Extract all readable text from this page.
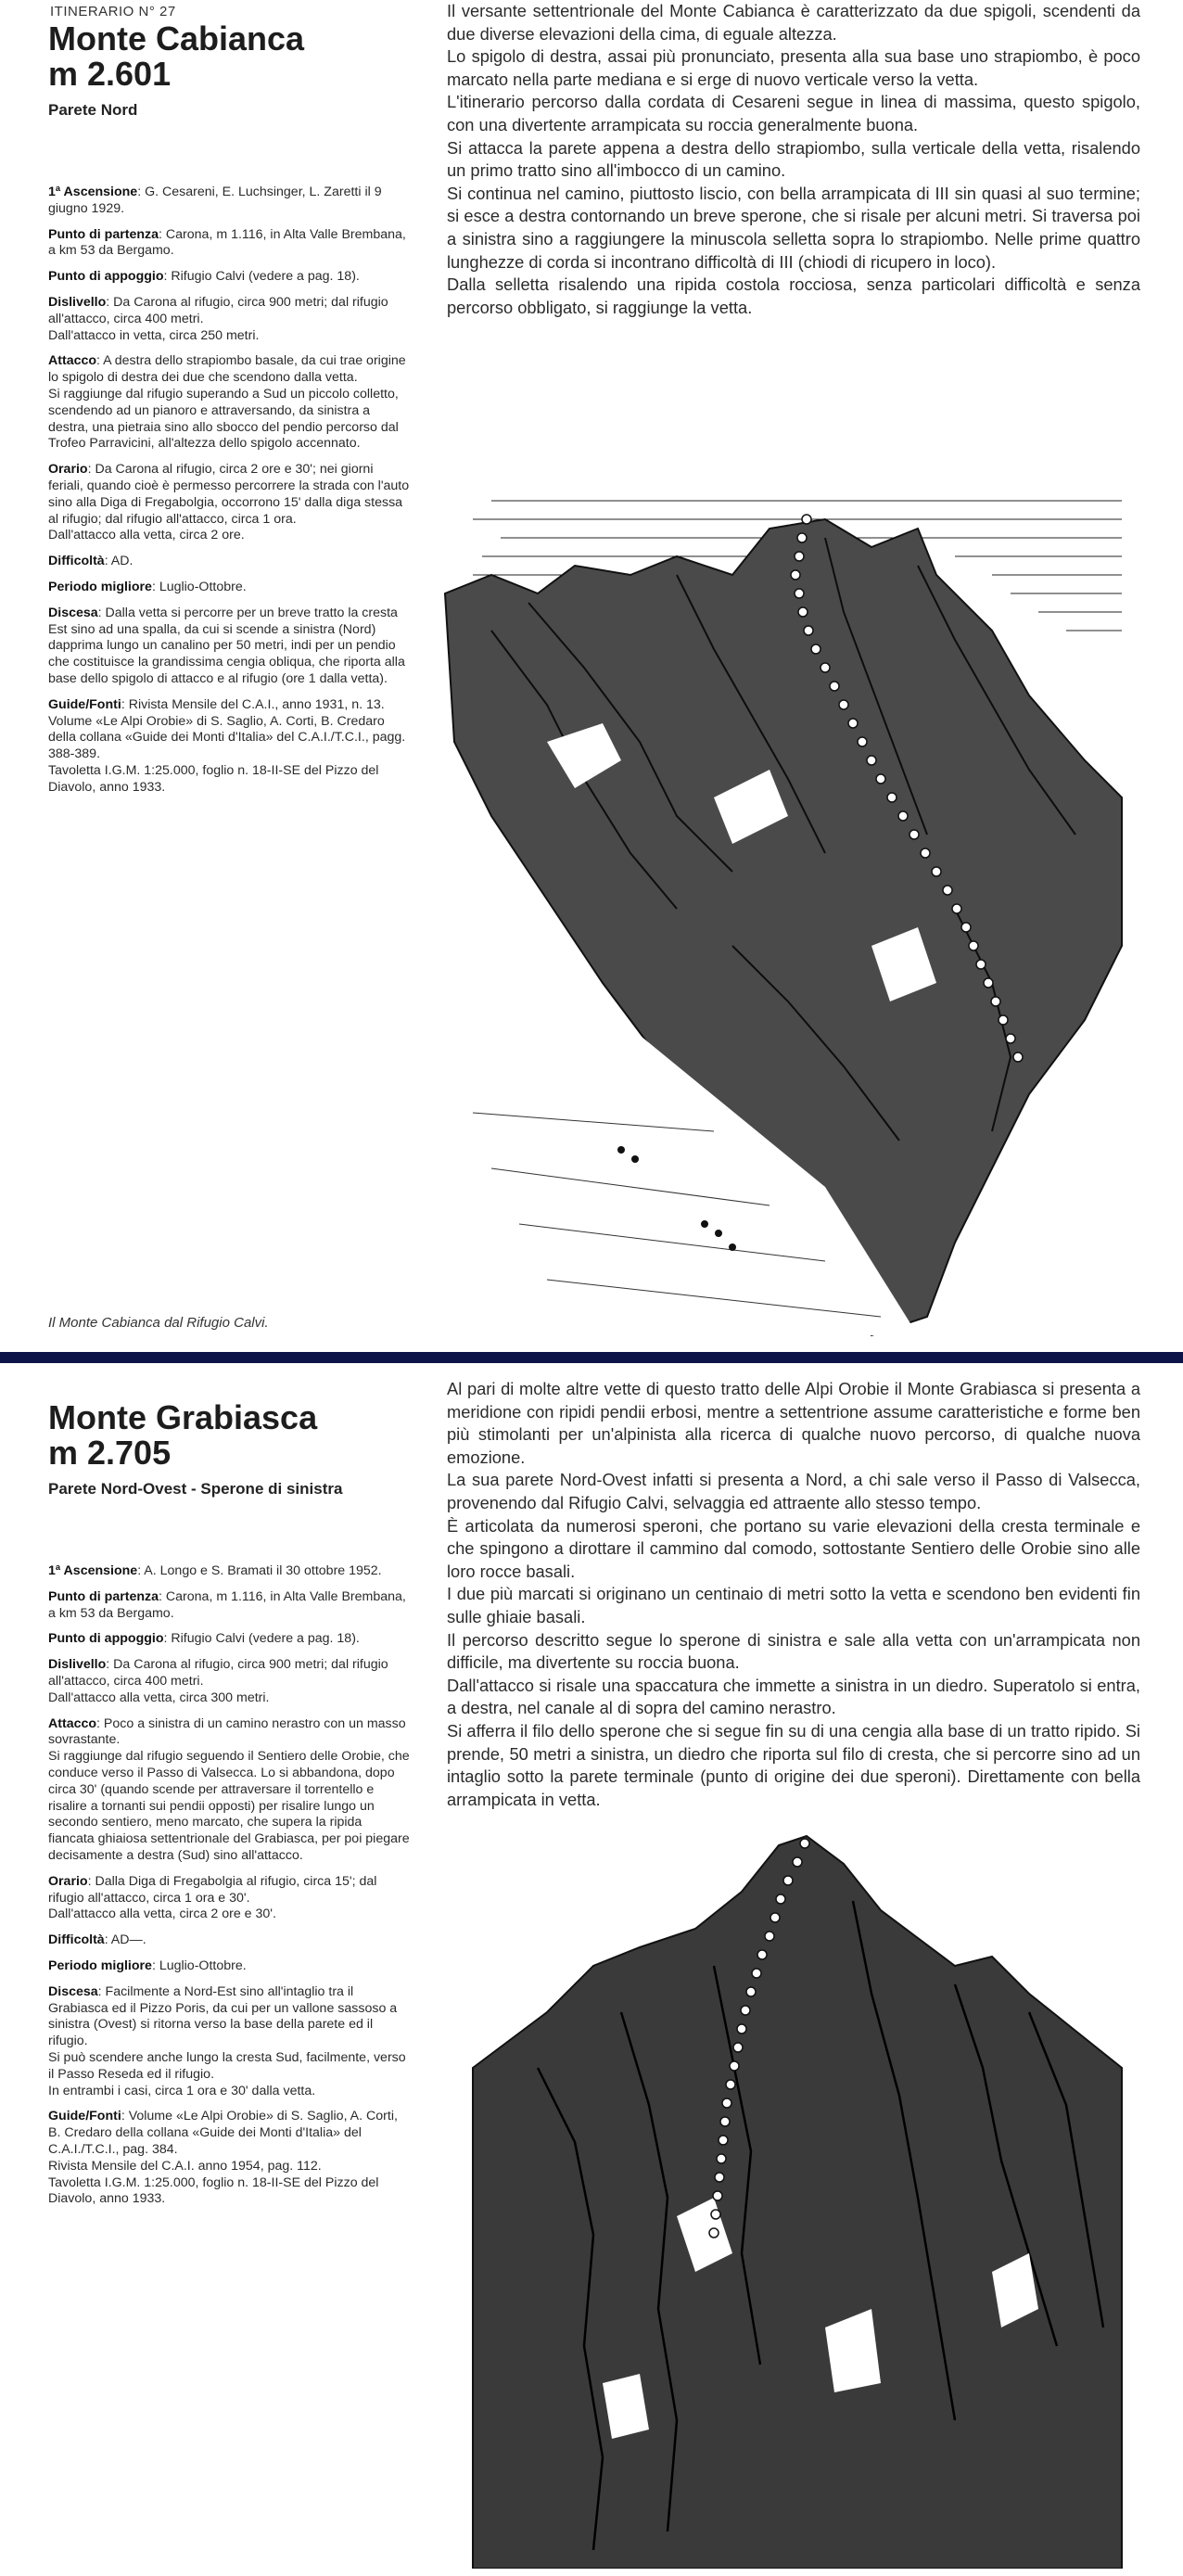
ITINERARIO N° 27
Monte Cabianca
m 2.601
Parete Nord
1ª Ascensione: G. Cesareni, E. Luchsinger, L. Zaretti il 9 giugno 1929.
Punto di partenza: Carona, m 1.116, in Alta Valle Brembana, a km 53 da Bergamo.
Punto di appoggio: Rifugio Calvi (vedere a pag. 18).
Dislivello: Da Carona al rifugio, circa 900 metri; dal rifugio all'attacco, circa 400 metri.
Dall'attacco in vetta, circa 250 metri.
Attacco: A destra dello strapiombo basale, da cui trae origine lo spigolo di destra dei due che scendono dalla vetta.
Si raggiunge dal rifugio superando a Sud un piccolo colletto, scendendo ad un pianoro e attraversando, da sinistra a destra, una pietraia sino allo sbocco del pendio percorso dal Trofeo Parravicini, all'altezza dello spigolo accennato.
Orario: Da Carona al rifugio, circa 2 ore e 30'; nei giorni feriali, quando cioè è permesso percorrere la strada con l'auto sino alla Diga di Fregabolgia, occorrono 15' dalla diga stessa al rifugio; dal rifugio all'attacco, circa 1 ora.
Dall'attacco alla vetta, circa 2 ore.
Difficoltà: AD.
Periodo migliore: Luglio-Ottobre.
Discesa: Dalla vetta si percorre per un breve tratto la cresta Est sino ad una spalla, da cui si scende a sinistra (Nord) dapprima lungo un canalino per 50 metri, indi per un pendio che costituisce la grandissima cengia obliqua, che riporta alla base dello spigolo di attacco e al rifugio (ore 1 dalla vetta).
Guide/Fonti: Rivista Mensile del C.A.I., anno 1931, n. 13.
Volume «Le Alpi Orobie» di S. Saglio, A. Corti, B. Credaro della collana «Guide dei Monti d'Italia» del C.A.I./T.C.I., pagg. 388-389.
Tavoletta I.G.M. 1:25.000, foglio n. 18-II-SE del Pizzo del Diavolo, anno 1933.

Il versante settentrionale del Monte Cabianca è caratterizzato da due spigoli, scendenti da due diverse elevazioni della cima, di eguale altezza.

Lo spigolo di destra, assai più pronunciato, presenta alla sua base uno strapiombo, è poco marcato nella parte mediana e si erge di nuovo verticale verso la vetta.

L'itinerario percorso dalla cordata di Cesareni segue in linea di massima, questo spigolo, con una divertente arrampicata su roccia generalmente buona.

Si attacca la parete appena a destra dello strapiombo, sulla verticale della vetta, risalendo un primo tratto sino all'imbocco di un camino.

Si continua nel camino, piuttosto liscio, con bella arrampicata di III sin quasi al suo termine; si esce a destra contornando un breve sperone, che si risale per alcuni metri. Si traversa poi a sinistra sino a raggiungere la minuscola selletta sopra lo strapiombo. Nelle prime quattro lunghezze di corda si incontrano difficoltà di III (chiodi di ricupero in loco).

Dalla selletta risalendo una ripida costola rocciosa, senza particolari difficoltà e senza percorso obbligato, si raggiunge la vetta.

Il Monte Cabianca dal Rifugio Calvi.
Monte Grabiasca
m 2.705
Parete Nord-Ovest - Sperone di sinistra
1ª Ascensione: A. Longo e S. Bramati il 30 ottobre 1952.
Punto di partenza: Carona, m 1.116, in Alta Valle Brembana, a km 53 da Bergamo.
Punto di appoggio: Rifugio Calvi (vedere a pag. 18).
Dislivello: Da Carona al rifugio, circa 900 metri; dal rifugio all'attacco, circa 400 metri.
Dall'attacco alla vetta, circa 300 metri.
Attacco: Poco a sinistra di un camino nerastro con un masso sovrastante.
Si raggiunge dal rifugio seguendo il Sentiero delle Orobie, che conduce verso il Passo di Valsecca. Lo si abbandona, dopo circa 30' (quando scende per attraversare il torrentello e risalire a tornanti sui pendii opposti) per risalire lungo un secondo sentiero, meno marcato, che supera la ripida fiancata ghiaiosa settentrionale del Grabiasca, per poi piegare decisamente a destra (Sud) sino all'attacco.
Orario: Dalla Diga di Fregabolgia al rifugio, circa 15'; dal rifugio all'attacco, circa 1 ora e 30'.
Dall'attacco alla vetta, circa 2 ore e 30'.
Difficoltà: AD—.
Periodo migliore: Luglio-Ottobre.
Discesa: Facilmente a Nord-Est sino all'intaglio tra il Grabiasca ed il Pizzo Poris, da cui per un vallone sassoso a sinistra (Ovest) si ritorna verso la base della parete ed il rifugio.
Si può scendere anche lungo la cresta Sud, facilmente, verso il Passo Reseda ed il rifugio.
In entrambi i casi, circa 1 ora e 30' dalla vetta.
Guide/Fonti: Volume «Le Alpi Orobie» di S. Saglio, A. Corti, B. Credaro della collana «Guide dei Monti d'Italia» del C.A.I./T.C.I., pag. 384.
Rivista Mensile del C.A.I. anno 1954, pag. 112.
Tavoletta I.G.M. 1:25.000, foglio n. 18-II-SE del Pizzo del Diavolo, anno 1933.

Al pari di molte altre vette di questo tratto delle Alpi Orobie il Monte Grabiasca si presenta a meridione con ripidi pendii erbosi, mentre a settentrione assume caratteristiche e forme ben più stimolanti per un'alpinista alla ricerca di qualche nuovo percorso, di qualche nuova emozione.

La sua parete Nord-Ovest infatti si presenta a Nord, a chi sale verso il Passo di Valsecca, provenendo dal Rifugio Calvi, selvaggia ed attraente allo stesso tempo.

È articolata da numerosi speroni, che portano su varie elevazioni della cresta terminale e che spingono a dirottare il cammino dal comodo, sottostante Sentiero delle Orobie sino alle loro rocce basali.

I due più marcati si originano un centinaio di metri sotto la vetta e scendono ben evidenti fin sulle ghiaie basali.

Il percorso descritto segue lo sperone di sinistra e sale alla vetta con un'arrampicata non difficile, ma divertente su roccia buona.

Dall'attacco si risale una spaccatura che immette a sinistra in un diedro. Superatolo si entra, a destra, nel canale al di sopra del camino nerastro.

Si afferra il filo dello sperone che si segue fin su di una cengia alla base di un tratto ripido. Si prende, 50 metri a sinistra, un diedro che riporta sul filo di cresta, che si percorre sino ad un intaglio sotto la parete terminale (punto di origine dei due speroni). Direttamente con bella arrampicata in vetta.
